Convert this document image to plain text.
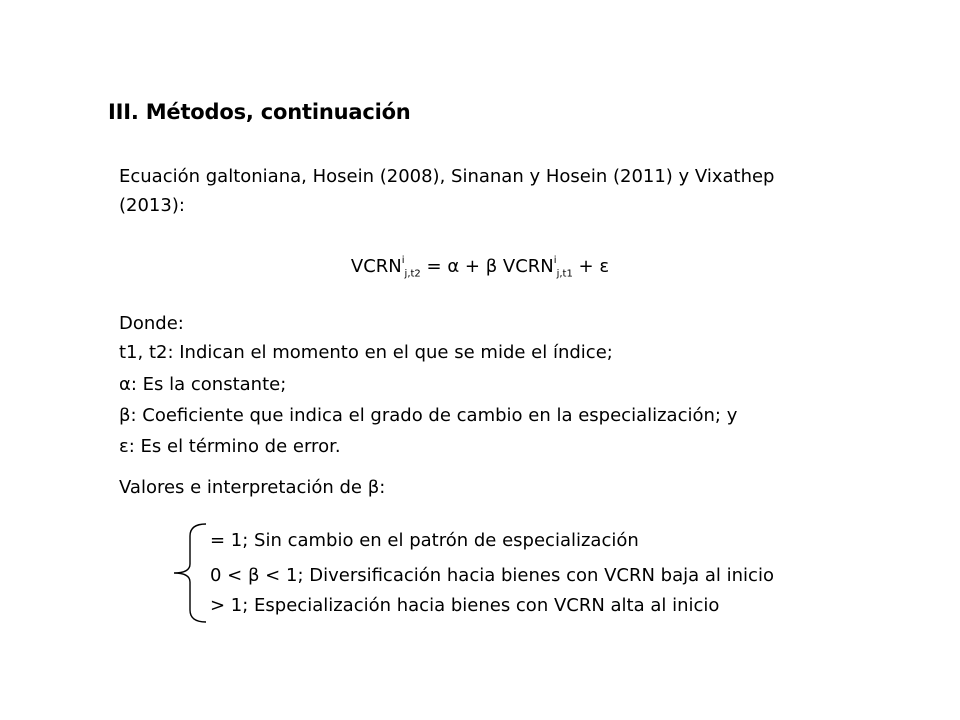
III. Métodos, continuación
Ecuación galtoniana, Hosein (2008), Sinanan y Hosein (2011) y Vixathep
(2013):
$VCRN^i_{j,t2} = \alpha + \beta$ $VCRN^i_{j,t1} + \varepsilon$
Donde:
t1, t2: Indican el momento en el que se mide el índice;
α: Es la constante;
β: Coeficiente que indica el grado de cambio en la especialización; y
ε: Es el término de error.
Valores e interpretación de β:
= 1; Sin cambio en el patrón de especialización
0 < β < 1; Diversificación hacia bienes con VCRN baja al inicio
> 1; Especialización hacia bienes con VCRN alta al inicio
